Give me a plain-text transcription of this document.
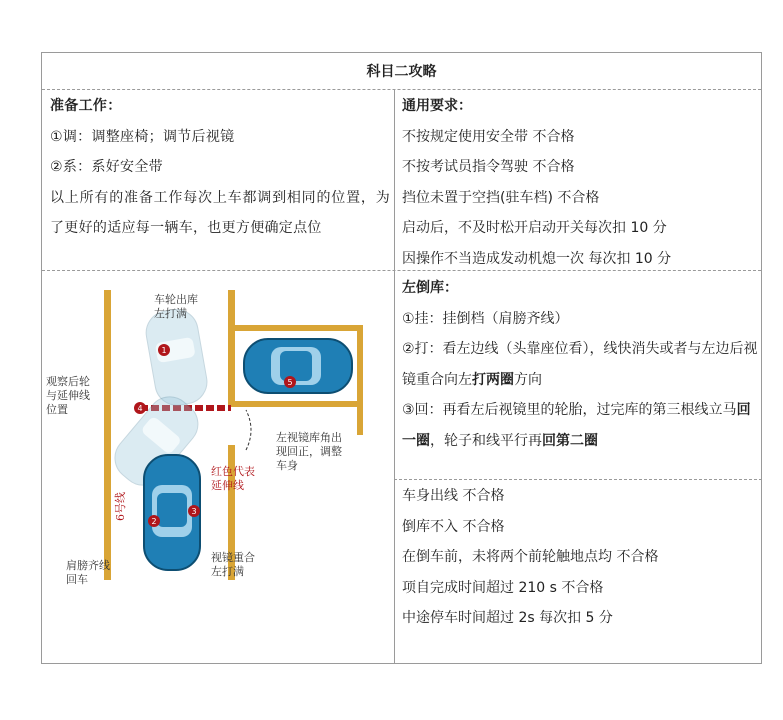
科目二攻略
准备工作：
①调：调整座椅；调节后视镜
②系：系好安全带
以上所有的准备工作每次上车都调到相同的位置，为了更好的适应每一辆车，也更方便确定点位
通用要求：
不按规定使用安全带 不合格
不按考试员指令驾驶 不合格
挡位未置于空挡(驻车档) 不合格
启动后，不及时松开启动开关每次扣 10 分
因操作不当造成发动机熄一次 每次扣 10 分
1
2
3
4
5
车轮出库
左打满
观察后轮
与延伸线
位置
左视镜库角出
现回正，调整
车身
红色代表
延伸线
肩膀齐线
回车
视镜重合
左打满
6号线
左倒库：
①挂：挂倒档（肩膀齐线）
②打：看左边线（头靠座位看），线快消失或者与左边后视镜重合向左打两圈方向
③回：再看左后视镜里的轮胎，过完库的第三根线立马回一圈，轮子和线平行再回第二圈
车身出线 不合格
倒库不入 不合格
在倒车前，未将两个前轮触地点均 不合格
项自完成时间超过 210 s 不合格
中途停车时间超过 2s 每次扣 5 分
